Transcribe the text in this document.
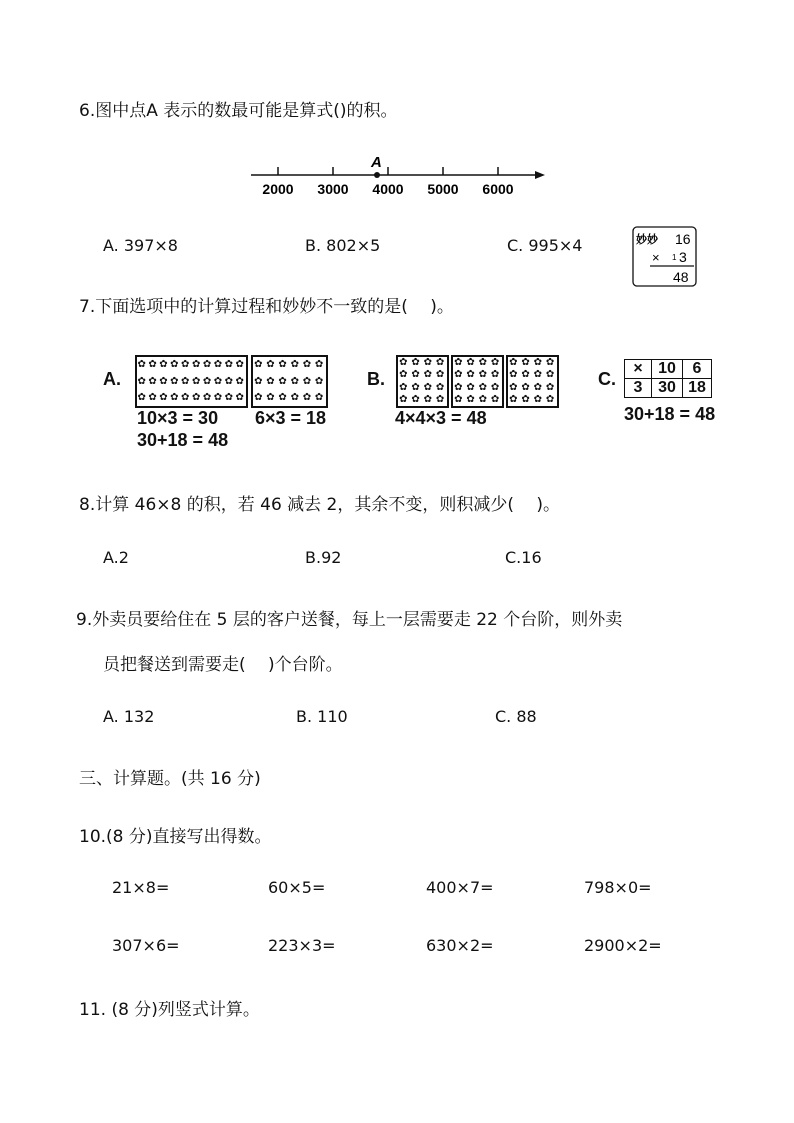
6.图中点A 表示的数最可能是算式()的积。
A
2000 3000 4000 5000 6000
A. 397×8	B. 802×5	C. 995×4	妙妙 16
× 1 3
48
7.下面选项中的计算过程和妙妙不一致的是(　 )。
A.
✿ ✿ ✿ ✿ ✿ ✿ ✿ ✿ ✿ ✿
✿ ✿ ✿ ✿ ✿ ✿ ✿ ✿ ✿ ✿
✿ ✿ ✿ ✿ ✿ ✿ ✿ ✿ ✿ ✿
✿ ✿ ✿ ✿ ✿ ✿
✿ ✿ ✿ ✿ ✿ ✿
✿ ✿ ✿ ✿ ✿ ✿
10×3 = 30 6×3 = 18
30+18 = 48
B.
✿ ✿ ✿ ✿
✿ ✿ ✿ ✿
✿ ✿ ✿ ✿
✿ ✿ ✿ ✿
✿ ✿ ✿ ✿
✿ ✿ ✿ ✿
✿ ✿ ✿ ✿
✿ ✿ ✿ ✿
✿ ✿ ✿ ✿
✿ ✿ ✿ ✿
✿ ✿ ✿ ✿
✿ ✿ ✿ ✿
4×4×3 = 48
C.
×	10	6
3	30	18
30+18 = 48
8.计算 46×8 的积，若 46 减去 2，其余不变，则积减少(　 )。
A.2	B.92	C.16
9.外卖员要给住在 5 层的客户送餐，每上一层需要走 22 个台阶，则外卖
员把餐送到需要走(　 )个台阶。
A. 132	B. 110	C. 88
三、计算题。(共 16 分)
10.(8 分)直接写出得数。
21×8=	60×5=	400×7=	798×0=
307×6=	223×3=	630×2=	2900×2=
11. (8 分)列竖式计算。
